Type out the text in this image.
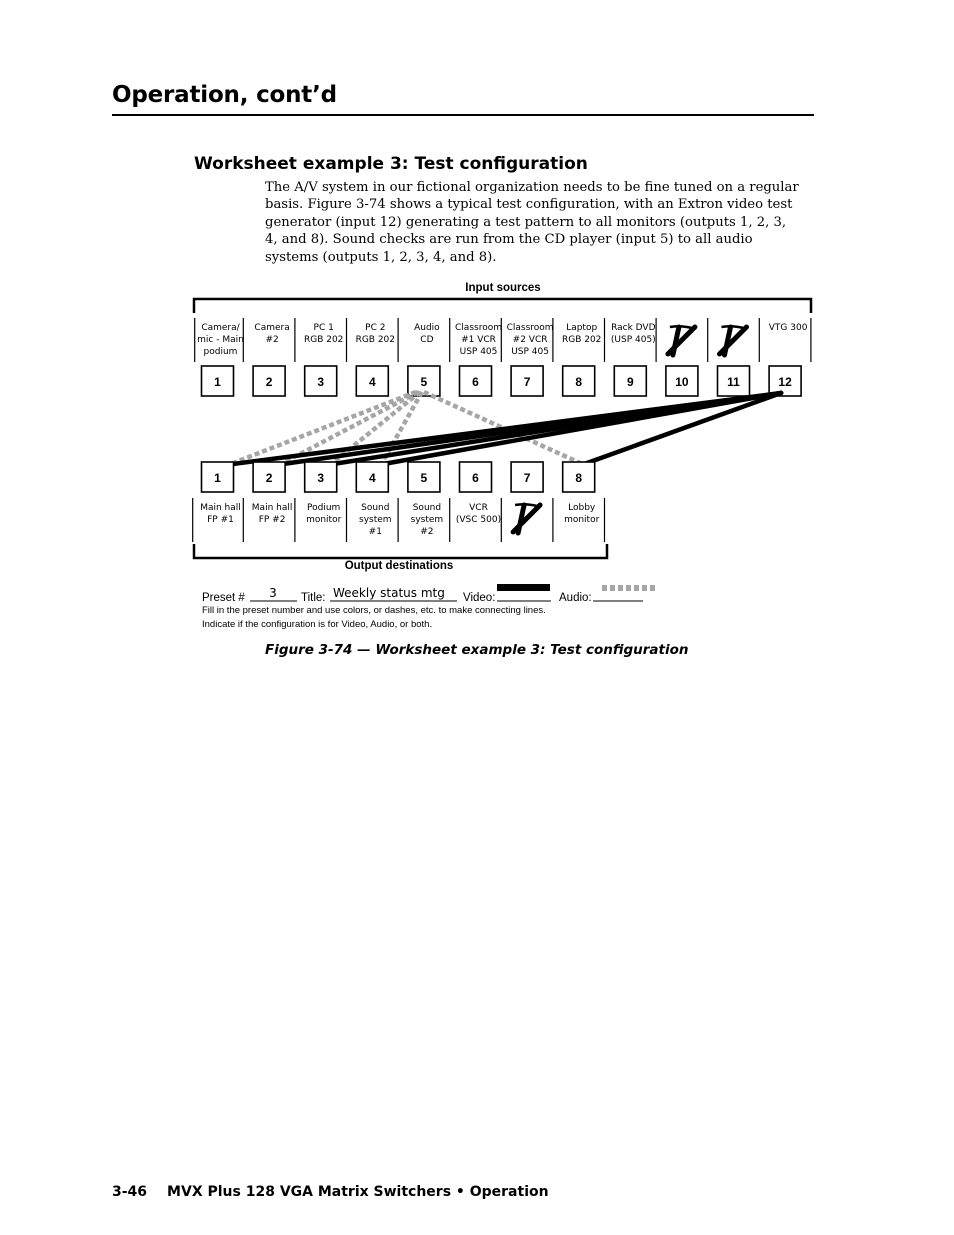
Operation, cont’d
Worksheet example 3: Test configuration
The A/V system in our fictional organization needs to be fine tuned on a regular basis. Figure 3-74 shows a typical test configuration, with an Extron video test generator (input 12) generating a test pattern to all monitors (outputs 1, 2, 3, 4, and 8). Sound checks are run from the CD player (input 5) to all audio systems (outputs 1, 2, 3, 4, and 8).
Input sources
Camera/
mic - Main
podium
1
Camera
#2
2
PC 1
RGB 202
3
PC 2
RGB 202
4
Audio
CD
5
Classroom
#1 VCR
USP 405
6
Classroom
#2 VCR
USP 405
7
Laptop
RGB 202
8
Rack DVD
(USP 405)
9	10	11
VTG 300
12
Main hall
FP #1
1
Main hall
FP #2
2
Podium
monitor
3
Sound
system
#1
4
Sound
system
#2
5
VCR
(VSC 500)
6	7
Lobby
monitor
8
Output destinations
Preset # 3 Title: Weekly status mtg Video:	Audio:
Fill in the preset number and use colors, or dashes, etc. to make connecting lines.
Indicate if the configuration is for Video, Audio, or both.
Figure 3-74 — Worksheet example 3: Test configuration
3-46 MVX Plus 128 VGA Matrix Switchers • Operation
